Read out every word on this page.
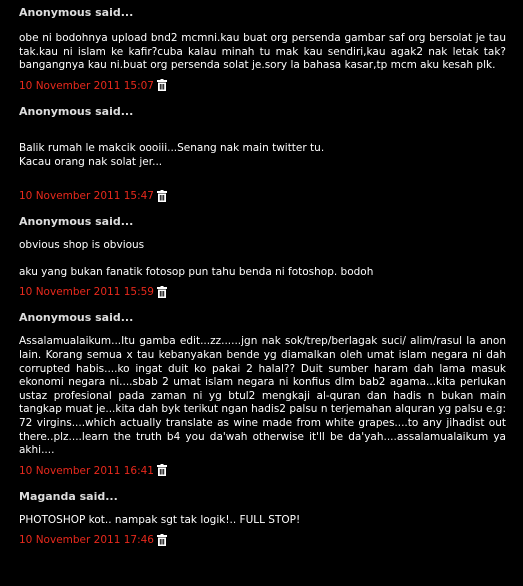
Anonymous said...

obe ni bodohnya upload bnd2 mcmni.kau buat org persenda gambar saf org bersolat je tau tak.kau ni islam ke kafir?cuba kalau minah tu mak kau sendiri,kau agak2 nak letak tak?bangangnya kau ni.buat org persenda solat je.sory la bahasa kasar,tp mcm aku kesah plk.

10 November 2011 15:07
Anonymous said...

Balik rumah le makcik oooiii...Senang nak main twitter tu.
Kacau orang nak solat jer...

10 November 2011 15:47
Anonymous said...

obvious shop is obvious

aku yang bukan fanatik fotosop pun tahu benda ni fotoshop. bodoh

10 November 2011 15:59
Anonymous said...

Assalamualaikum...Itu gamba edit...zz......jgn nak sok/trep/berlagak suci/ alim/rasul la anon lain. Korang semua x tau kebanyakan bende yg diamalkan oleh umat islam negara ni dah corrupted habis....ko ingat duit ko pakai 2 halal?? Duit sumber haram dah lama masuk ekonomi negara ni....sbab 2 umat islam negara ni konfius dlm bab2 agama...kita perlukan ustaz profesional pada zaman ni yg btul2 mengkaji al-quran dan hadis n bukan main tangkap muat je...kita dah byk terikut ngan hadis2 palsu n terjemahan alquran yg palsu e.g: 72 virgins....which actually translate as wine made from white grapes....to any jihadist out there..plz....learn the truth b4 you da'wah otherwise it'll be da'yah....assalamualaikum ya akhi....

10 November 2011 16:41
Maganda said...

PHOTOSHOP kot.. nampak sgt tak logik!.. FULL STOP!

10 November 2011 17:46
